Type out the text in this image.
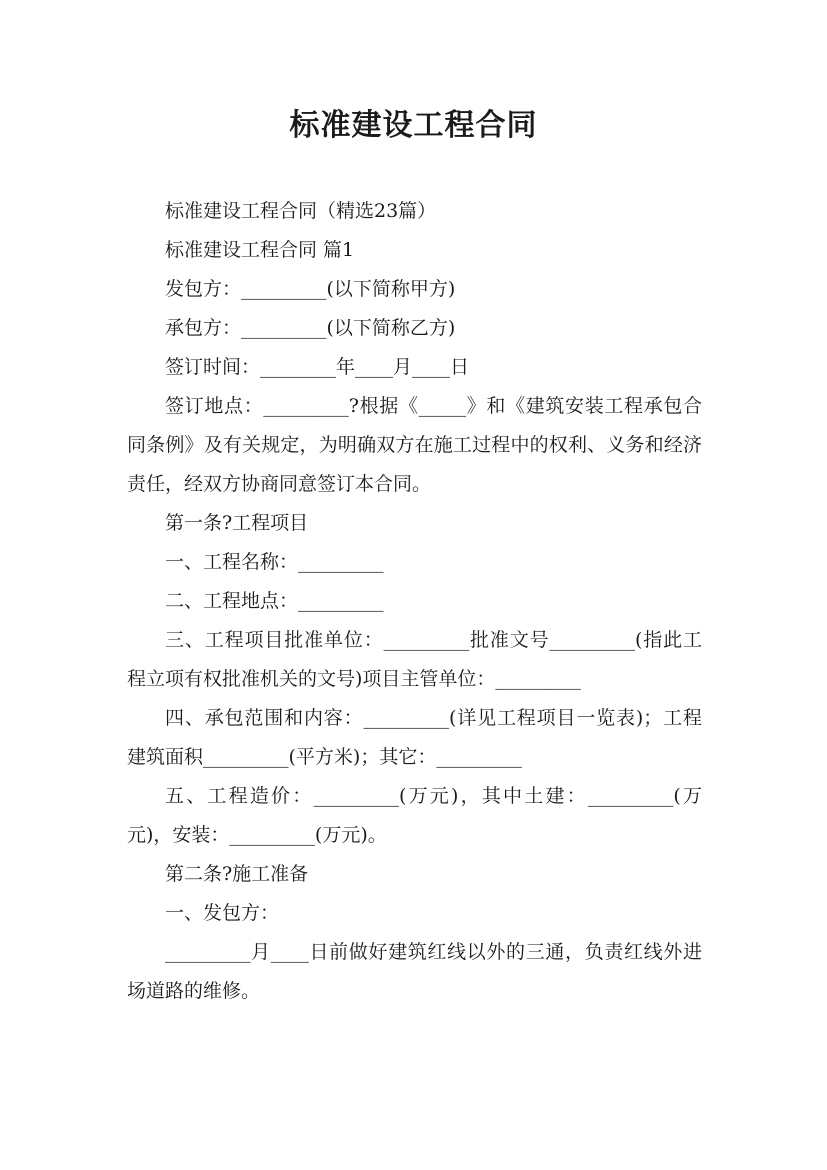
标准建设工程合同

标准建设工程合同（精选23篇）

标准建设工程合同 篇1

发包方：_________(以下简称甲方)

承包方：_________(以下简称乙方)

签订时间：________年____月____日

签订地点：_________?根据《_____》和《建筑安装工程承包合同条例》及有关规定，为明确双方在施工过程中的权利、义务和经济责任，经双方协商同意签订本合同。

第一条?工程项目

一、工程名称：_________

二、工程地点：_________

三、工程项目批准单位：_________批准文号_________(指此工程立项有权批准机关的文号)项目主管单位：_________

四、承包范围和内容：_________(详见工程项目一览表)；工程建筑面积_________(平方米)；其它：_________

五、工程造价：_________(万元)，其中土建：_________(万元)，安装：_________(万元)。

第二条?施工准备

一、发包方：

_________月____日前做好建筑红线以外的三通，负责红线外进场道路的维修。
